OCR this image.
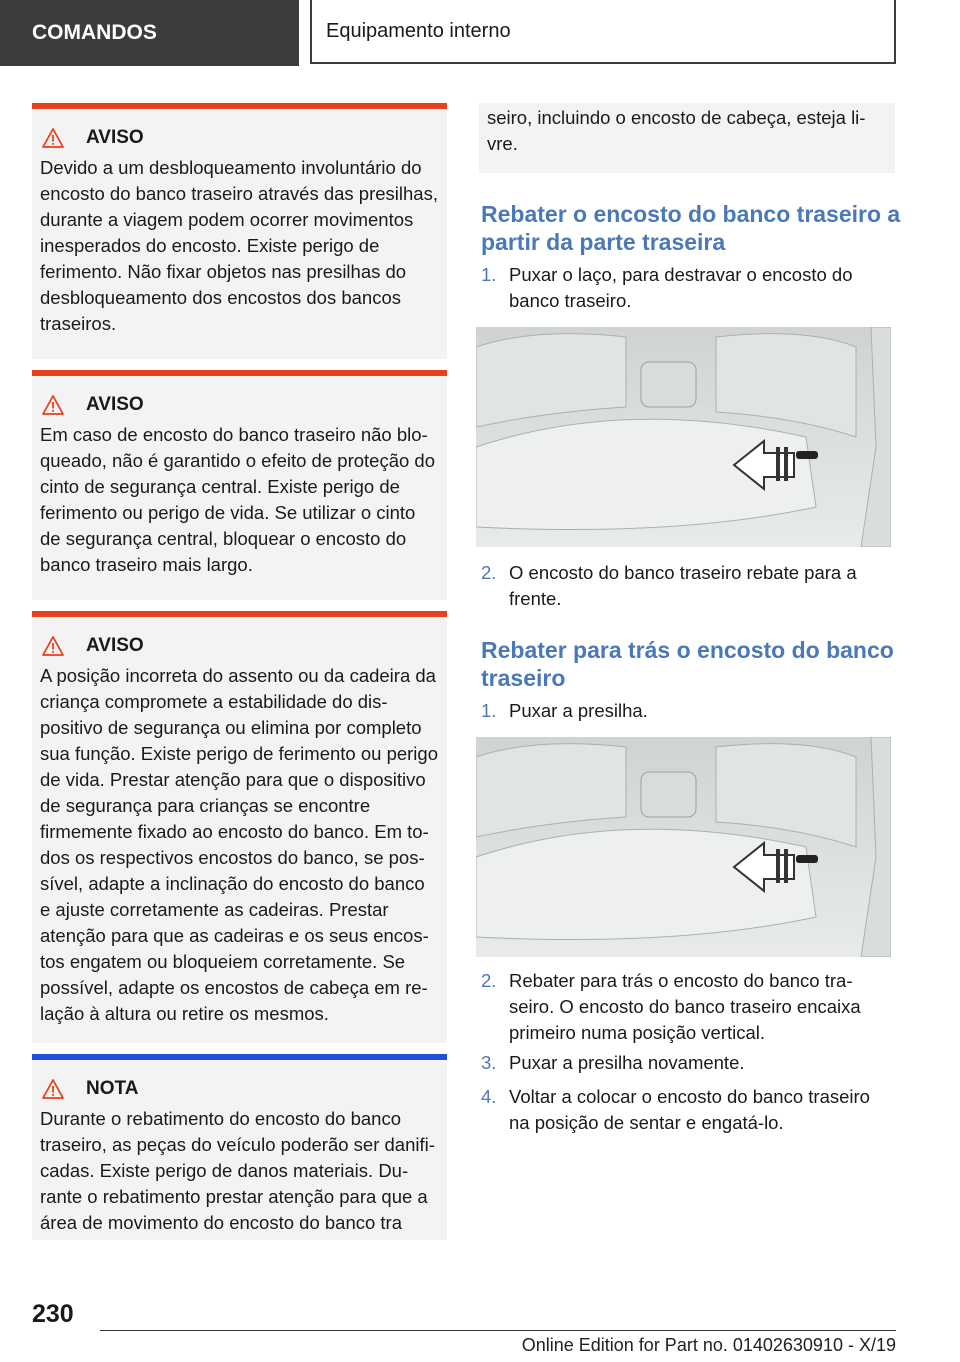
COMANDOS	Equipamento interno
AVISO

Devido a um desbloqueamento involuntário do encosto do banco traseiro através das presilhas, durante a viagem podem ocorrer movimentos inesperados do encosto. Existe perigo de ferimento. Não fixar objetos nas presilhas do desbloqueamento dos encostos dos bancos traseiros.

AVISO

Em caso de encosto do banco traseiro não bloqueado, não é garantido o efeito de proteção do cinto de segurança central. Existe perigo de ferimento ou perigo de vida. Se utilizar o cinto de segurança central, bloquear o encosto do banco traseiro mais largo.

AVISO

A posição incorreta do assento ou da cadeira da criança compromete a estabilidade do dispositivo de segurança ou elimina por completo sua função. Existe perigo de ferimento ou perigo de vida. Prestar atenção para que o dispositivo de segurança para crianças se encontre firmemente fixado ao encosto do banco. Em todos os respectivos encostos do banco, se possível, adapte a inclinação do encosto do banco e ajuste corretamente as cadeiras. Prestar atenção para que as cadeiras e os seus encostos engatem ou bloqueiem corretamente. Se possível, adapte os encostos de cabeça em relação à altura ou retire os mesmos.

NOTA

Durante o rebatimento do encosto do banco traseiro, as peças do veículo poderão ser danificadas. Existe perigo de danos materiais. Durante o rebatimento prestar atenção para que a área de movimento do encosto do banco tra

seiro, incluindo o encosto de cabeça, esteja livre.

Rebater o encosto do banco traseiro a partir da parte traseira
1. Puxar o laço, para destravar o encosto do banco traseiro.
2. O encosto do banco traseiro rebate para a frente.
Rebater para trás o encosto do banco traseiro
1. Puxar a presilha.
2. Rebater para trás o encosto do banco traseiro. O encosto do banco traseiro encaixa primeiro numa posição vertical.
3. Puxar a presilha novamente.
4. Voltar a colocar o encosto do banco traseiro na posição de sentar e engatá-lo.
230
Online Edition for Part no. 01402630910 - X/19
